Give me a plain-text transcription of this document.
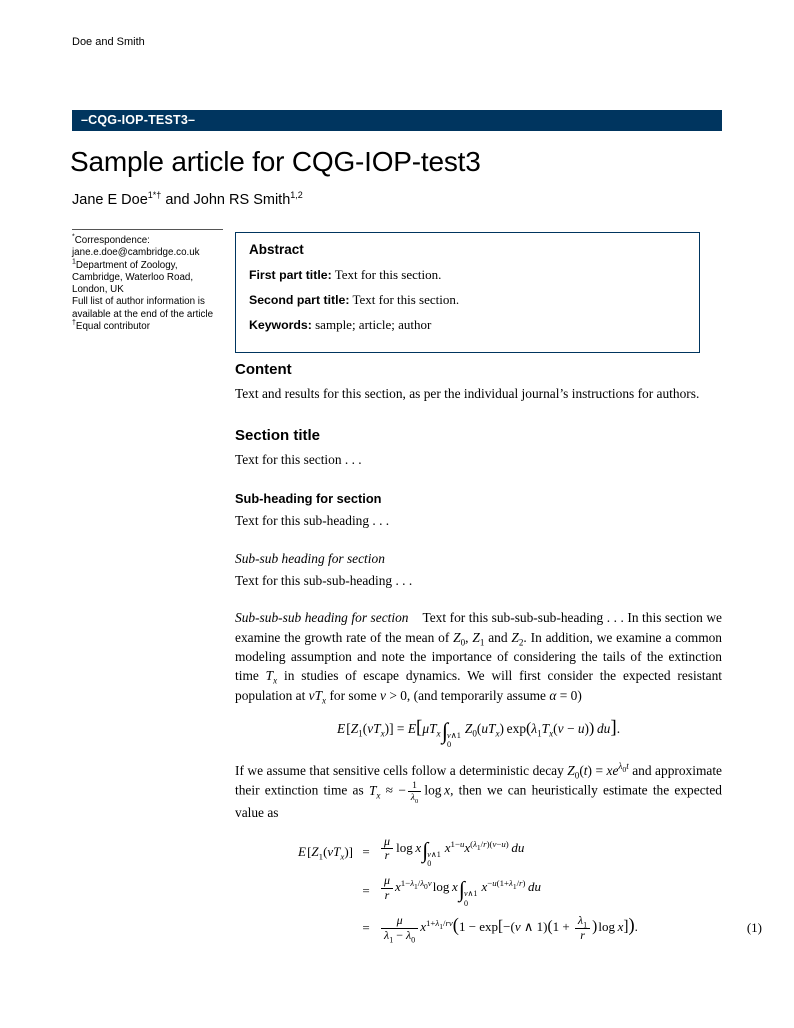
Doe and Smith
–CQG-IOP-TEST3–
Sample article for CQG-IOP-test3
Jane E Doe$^{1*\dagger}$ and John RS Smith$^{1,2}$
*Correspondence:
jane.e.doe@cambridge.co.uk
$^1$Department of Zoology,
Cambridge, Waterloo Road,
London, UK
Full list of author information is
available at the end of the article
†Equal contributor
Abstract

First part title: Text for this section.

Second part title: Text for this section.

Keywords: sample; article; author

Content

Text and results for this section, as per the individual journal’s instructions for authors.

Section title

Text for this section . . .

Sub-heading for section

Text for this sub-heading . . .

Sub-sub heading for section

Text for this sub-sub-heading . . .

Sub-sub-sub heading for section Text for this sub-sub-sub-heading . . . In this section we examine the growth rate of the mean of $Z_0$, $Z_1$ and $Z_2$. In addition, we examine a common modeling assumption and note the importance of considering the tails of the extinction time $T_x$ in studies of escape dynamics. We will first consider the expected resistant population at $vT_x$ for some v > 0, (and temporarily assume α = 0)

E $[Z_1(vT_x)] = E[\mu T_x$ ∫ v∧1
0
$Z_0(uT_x) \exp(\lambda_1T_x(v - u))$  du].

If we assume that sensitive cells follow a deterministic decay $Z_0(t) = xe^{\lambda_0t}$ and approximate their extinction time as $T_x$ ≈ − $\frac{1}{\lambda_0}$  log x, then we can heuristically estimate the expected value as

E $[Z_1(vT_x)] = \frac{\mu}{r}$  log x ∫ v∧1
0
$x^{1-u}x^{(\lambda_1/r)(v-u)}$  du
= $\frac{\mu}{r} x^{1-\lambda_1/\lambda_0v}$ log x ∫ v∧1
0
$x^{-u(1+\lambda_1/r)}$  du
= $\frac{\mu}{\lambda_1 - \lambda_0} x^{1+\lambda_1/rv}(1 - \exp[-(v$ ∧ $1)(1 + \frac{\lambda_1}{r}$ ) log x]).	(1)
